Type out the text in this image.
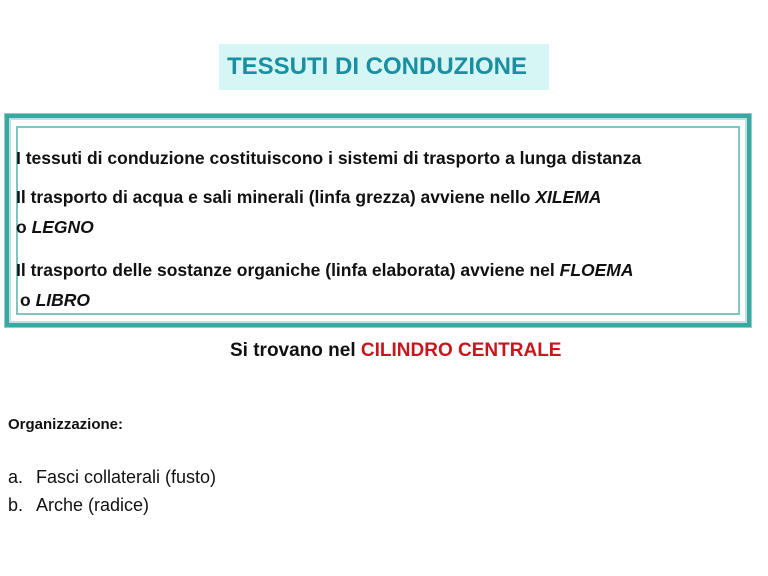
TESSUTI DI CONDUZIONE
I tessuti di conduzione costituiscono i sistemi di trasporto a lunga distanza
Il trasporto di acqua e sali minerali (linfa grezza) avviene nello XILEMA
o LEGNO
Il trasporto delle sostanze organiche (linfa elaborata) avviene nel FLOEMA
o LIBRO
Si trovano nel CILINDRO CENTRALE
Organizzazione:
a. Fasci collaterali (fusto)
b. Arche (radice)
